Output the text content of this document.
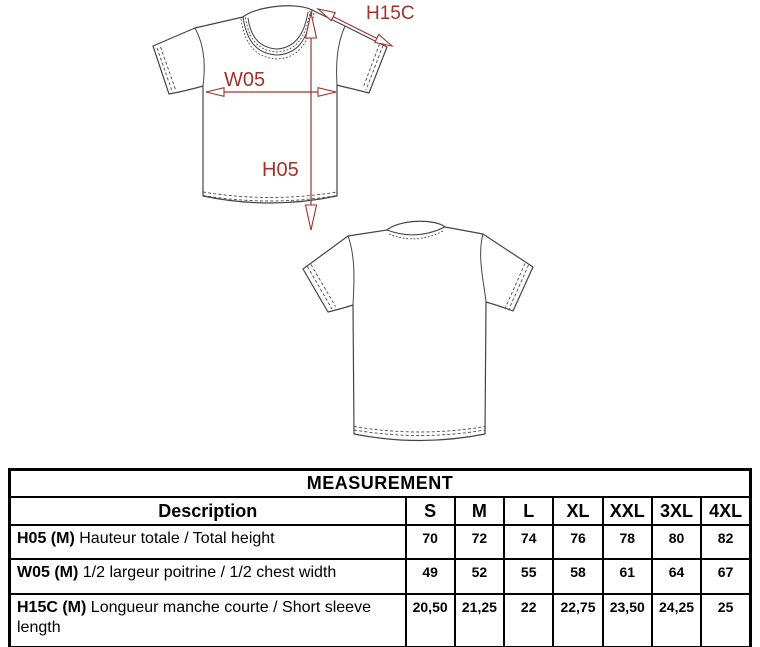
H05
W05
H15C
MEASUREMENT							
Description	S	M	L	XL	XXL	3XL	4XL
H05 (M) Hauteur totale / Total height	70	72	74	76	78	80	82
W05 (M) 1/2 largeur poitrine / 1/2 chest width	49	52	55	58	61	64	67
H15C (M) Longueur manche courte / Short sleeve length	20,50	21,25	22	22,75	23,50	24,25	25
